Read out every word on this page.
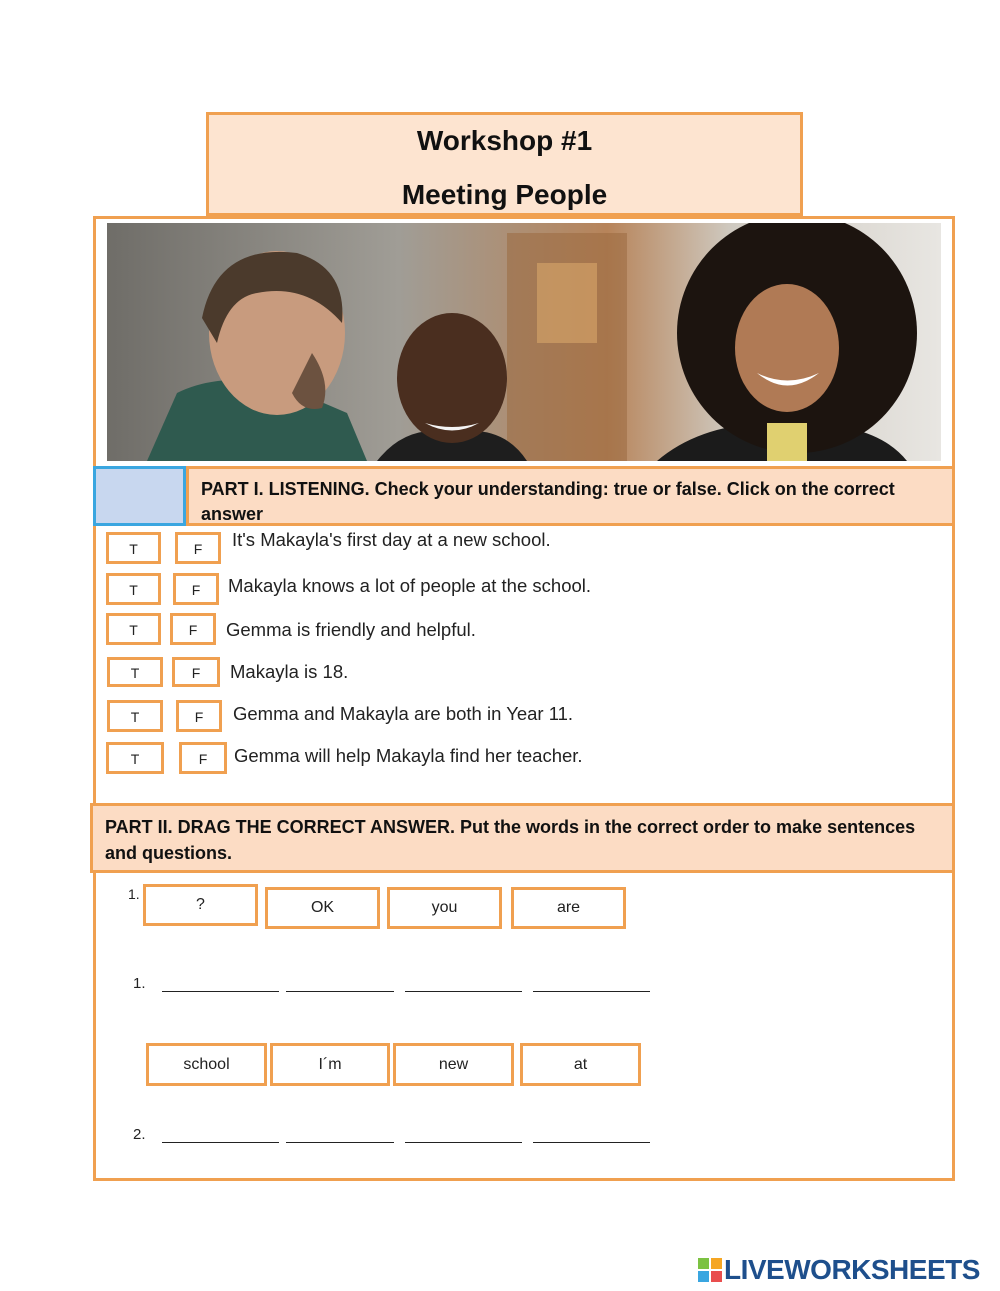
Workshop #1
Meeting People
PART I. LISTENING. Check your understanding: true or false. Click on the correct answer
T	F	It's Makayla's first day at a new school.
T	F	Makayla knows a lot of people at the school.
T	F	Gemma is friendly and helpful.
T	F	Makayla is 18.
T	F	Gemma and Makayla are both in Year 11.
T	F	Gemma will help Makayla find her teacher.
PART II. DRAG THE CORRECT ANSWER. Put the words in the correct order to make sentences and questions.
1.
?	OK	you	are
1.
school	I´m	new	at
2.
LIVEWORKSHEETS
